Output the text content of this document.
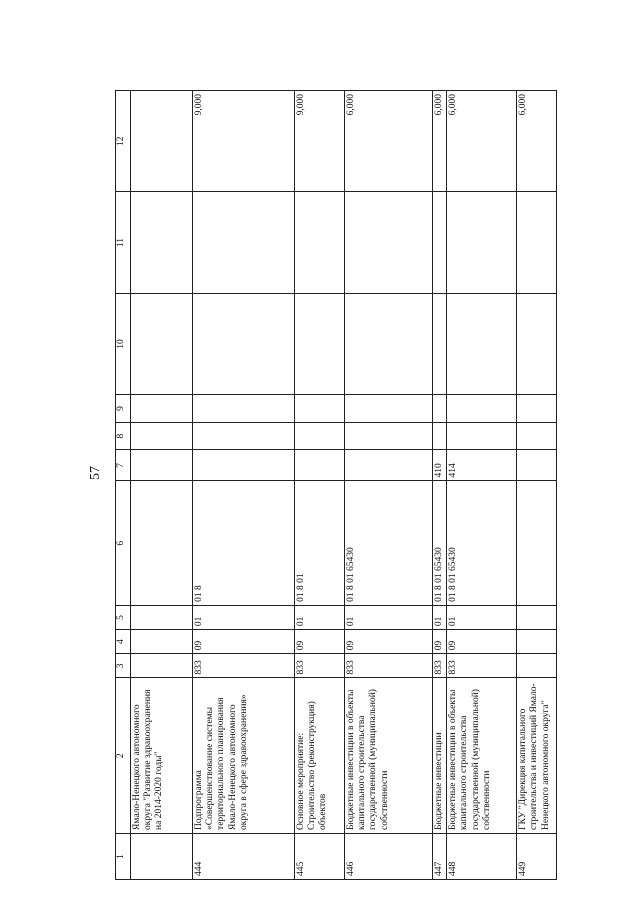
57
1	2	3	4	5	6	7	8	9	10	11	12
	Ямало-Ненецкого автономного округа "Развитие здравоохранения на 2014-2020 годы"										
444	Подпрограмма «Совершенствование системы территориального планирования Ямало-Ненецкого автономного округа в сфере здравоохранения»	833	09	01	01 8						9,000
445	Основное мероприятие: Строительство (реконструкция) объектов	833	09	01	01 8 01						9,000
446	Бюджетные инвестиции в объекты капитального строительства государственной (муниципальной) собственности	833	09	01	01 8 01 65430						6,000
447	Бюджетные инвестиции	833	09	01	01 8 01 65430	410					6,000
448	Бюджетные инвестиции в объекты капитального строительства государственной (муниципальной) собственности	833	09	01	01 8 01 65430	414					6,000
449	ГКУ "Дирекция капитального строительства и инвестиций Ямало-Ненецкого автономного округа"										6,000
